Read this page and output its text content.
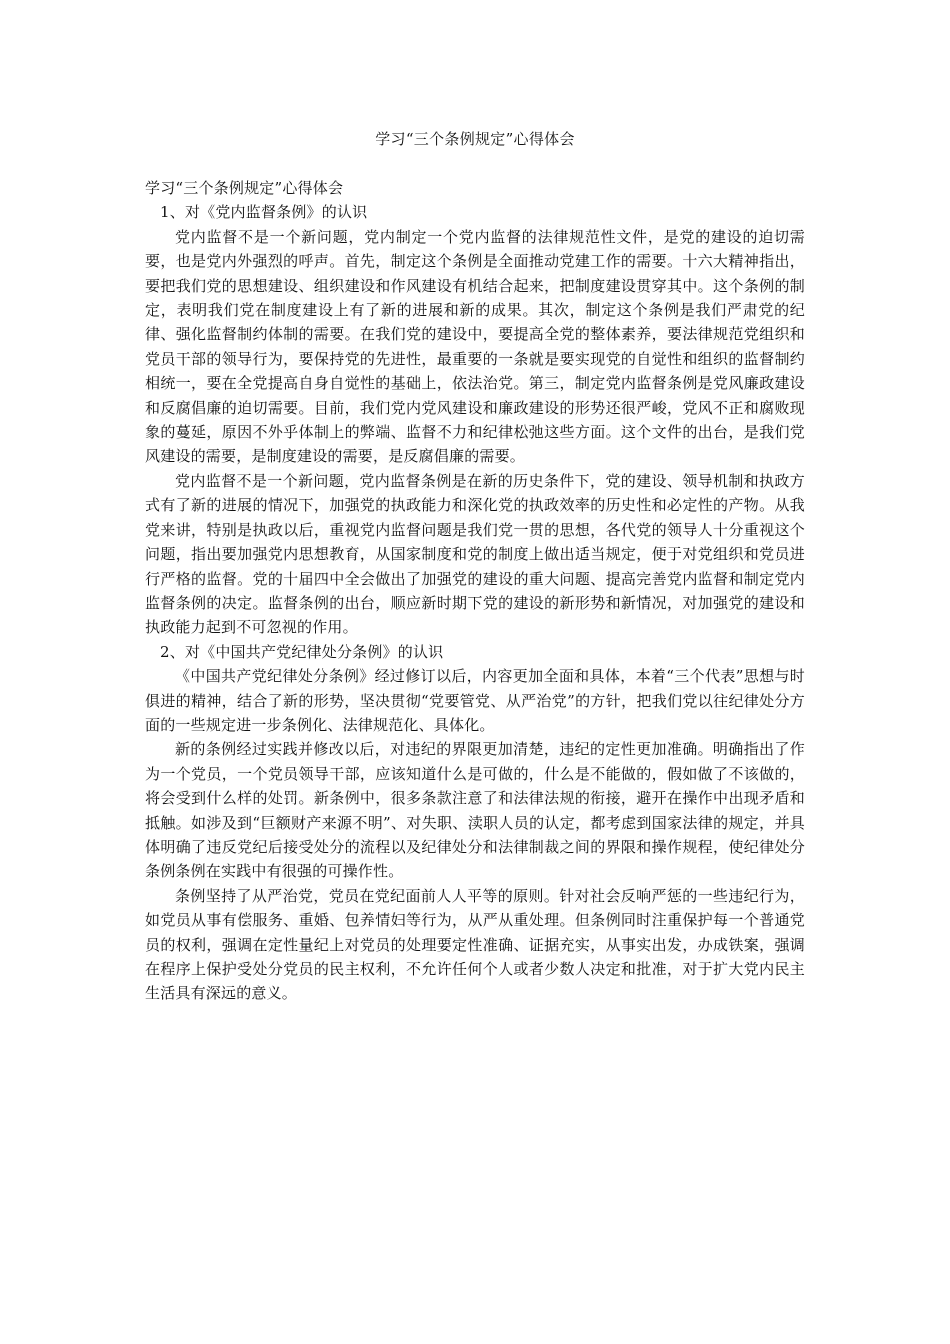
学习“三个条例规定”心得体会

学习“三个条例规定”心得体会

1、对《党内监督条例》的认识

党内监督不是一个新问题，党内制定一个党内监督的法律规范性文件，是党的建设的迫切需要，也是党内外强烈的呼声。首先，制定这个条例是全面推动党建工作的需要。十六大精神指出，要把我们党的思想建设、组织建设和作风建设有机结合起来，把制度建设贯穿其中。这个条例的制定，表明我们党在制度建设上有了新的进展和新的成果。其次，制定这个条例是我们严肃党的纪律、强化监督制约体制的需要。在我们党的建设中，要提高全党的整体素养，要法律规范党组织和党员干部的领导行为，要保持党的先进性，最重要的一条就是要实现党的自觉性和组织的监督制约相统一，要在全党提高自身自觉性的基础上，依法治党。第三，制定党内监督条例是党风廉政建设和反腐倡廉的迫切需要。目前，我们党内党风建设和廉政建设的形势还很严峻，党风不正和腐败现象的蔓延，原因不外乎体制上的弊端、监督不力和纪律松弛这些方面。这个文件的出台，是我们党风建设的需要，是制度建设的需要，是反腐倡廉的需要。

党内监督不是一个新问题，党内监督条例是在新的历史条件下，党的建设、领导机制和执政方式有了新的进展的情况下，加强党的执政能力和深化党的执政效率的历史性和必定性的产物。从我党来讲，特别是执政以后，重视党内监督问题是我们党一贯的思想，各代党的领导人十分重视这个问题，指出要加强党内思想教育，从国家制度和党的制度上做出适当规定，便于对党组织和党员进行严格的监督。党的十届四中全会做出了加强党的建设的重大问题、提高完善党内监督和制定党内监督条例的决定。监督条例的出台，顺应新时期下党的建设的新形势和新情况，对加强党的建设和执政能力起到不可忽视的作用。

2、对《中国共产党纪律处分条例》的认识

《中国共产党纪律处分条例》经过修订以后，内容更加全面和具体，本着“三个代表”思想与时俱进的精神，结合了新的形势，坚决贯彻“党要管党、从严治党”的方针，把我们党以往纪律处分方面的一些规定进一步条例化、法律规范化、具体化。

新的条例经过实践并修改以后，对违纪的界限更加清楚，违纪的定性更加准确。明确指出了作为一个党员，一个党员领导干部，应该知道什么是可做的，什么是不能做的，假如做了不该做的，将会受到什么样的处罚。新条例中，很多条款注意了和法律法规的衔接，避开在操作中出现矛盾和抵触。如涉及到“巨额财产来源不明”、对失职、渎职人员的认定，都考虑到国家法律的规定，并具体明确了违反党纪后接受处分的流程以及纪律处分和法律制裁之间的界限和操作规程，使纪律处分条例条例在实践中有很强的可操作性。

条例坚持了从严治党，党员在党纪面前人人平等的原则。针对社会反响严惩的一些违纪行为，如党员从事有偿服务、重婚、包养情妇等行为，从严从重处理。但条例同时注重保护每一个普通党员的权利，强调在定性量纪上对党员的处理要定性准确、证据充实，从事实出发，办成铁案，强调在程序上保护受处分党员的民主权利，不允许任何个人或者少数人决定和批准，对于扩大党内民主生活具有深远的意义。
